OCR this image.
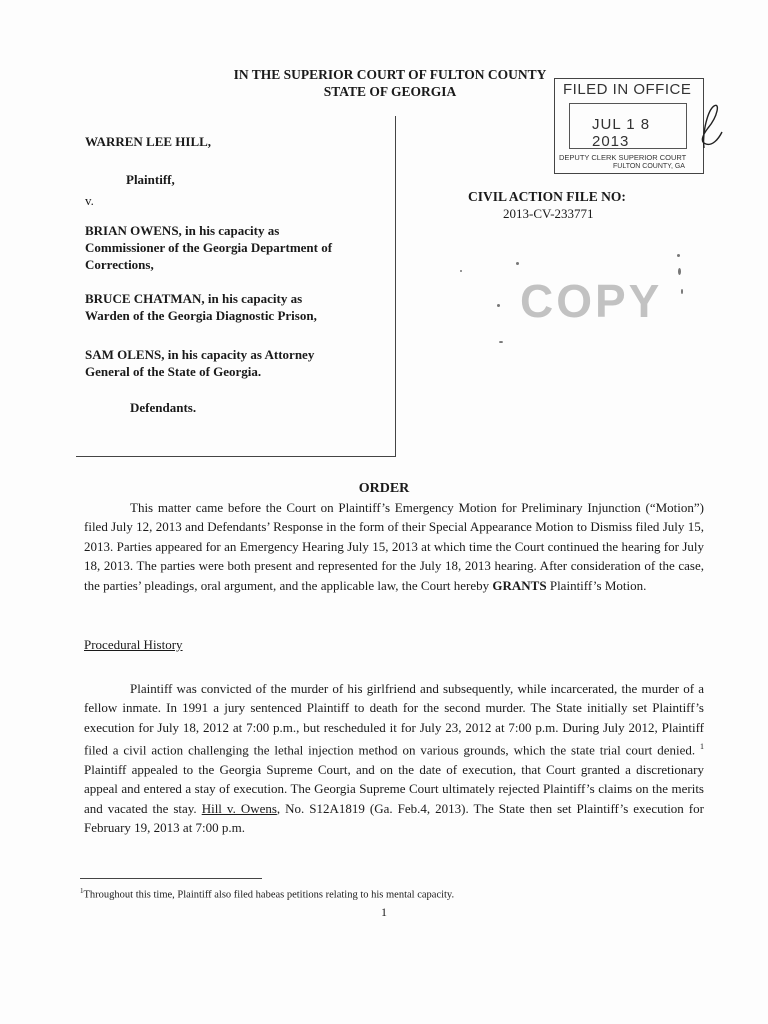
IN THE SUPERIOR COURT OF FULTON COUNTY
STATE OF GEORGIA	FILED IN OFFICE
JUL 1 8 2013
DEPUTY CLERK SUPERIOR COURT
FULTON COUNTY, GA
WARREN LEE HILL,
Plaintiff,
v.
BRIAN OWENS, in his capacity as
Commissioner of the Georgia Department of
Corrections,
BRUCE CHATMAN, in his capacity as
Warden of the Georgia Diagnostic Prison,
SAM OLENS, in his capacity as Attorney
General of the State of Georgia.
Defendants.
CIVIL ACTION FILE NO:
2013-CV-233771
COPY
ORDER
This matter came before the Court on Plaintiff’s Emergency Motion for Preliminary Injunction (“Motion”) filed July 12, 2013 and Defendants’ Response in the form of their Special Appearance Motion to Dismiss filed July 15, 2013. Parties appeared for an Emergency Hearing July 15, 2013 at which time the Court continued the hearing for July 18, 2013. The parties were both present and represented for the July 18, 2013 hearing. After consideration of the case, the parties’ pleadings, oral argument, and the applicable law, the Court hereby GRANTS Plaintiff’s Motion.
Procedural History
Plaintiff was convicted of the murder of his girlfriend and subsequently, while incarcerated, the murder of a fellow inmate. In 1991 a jury sentenced Plaintiff to death for the second murder. The State initially set Plaintiff’s execution for July 18, 2012 at 7:00 p.m., but rescheduled it for July 23, 2012 at 7:00 p.m. During July 2012, Plaintiff filed a civil action challenging the lethal injection method on various grounds, which the state trial court denied. $^1$ Plaintiff appealed to the Georgia Supreme Court, and on the date of execution, that Court granted a discretionary appeal and entered a stay of execution. The Georgia Supreme Court ultimately rejected Plaintiff’s claims on the merits and vacated the stay. Hill v. Owens, No. S12A1819 (Ga. Feb.4, 2013). The State then set Plaintiff’s execution for February 19, 2013 at 7:00 p.m.
$^1$Throughout this time, Plaintiff also filed habeas petitions relating to his mental capacity.
1
